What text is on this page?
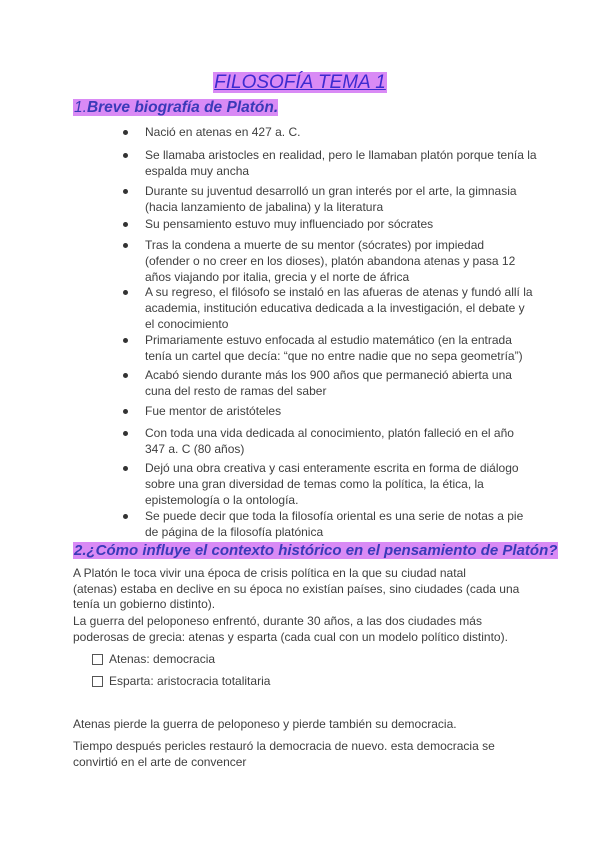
FILOSOFÍA TEMA 1
1.Breve biografía de Platón.
Nació en atenas en 427 a. C.
Se llamaba aristocles en realidad, pero le llamaban platón porque tenía la
espalda muy ancha
Durante su juventud desarrolló un gran interés por el arte, la gimnasia
(hacia lanzamiento de jabalina) y la literatura
Su pensamiento estuvo muy influenciado por sócrates
Tras la condena a muerte de su mentor (sócrates) por impiedad
(ofender o no creer en los dioses), platón abandona atenas y pasa 12
años viajando por italia, grecia y el norte de áfrica
A su regreso, el filósofo se instaló en las afueras de atenas y fundó allí la
academia, institución educativa dedicada a la investigación, el debate y
el conocimiento
Primariamente estuvo enfocada al estudio matemático (en la entrada
tenía un cartel que decía: “que no entre nadie que no sepa geometría”)
Acabó siendo durante más los 900 años que permaneció abierta una
cuna del resto de ramas del saber
Fue mentor de aristóteles
Con toda una vida dedicada al conocimiento, platón falleció en el año
347 a. C (80 años)
Dejó una obra creativa y casi enteramente escrita en forma de diálogo
sobre una gran diversidad de temas como la política, la ética, la
epistemología o la ontología.
Se puede decir que toda la filosofía oriental es una serie de notas a pie
de página de la filosofía platónica
2.¿Cómo influye el contexto histórico en el pensamiento de Platón?
A Platón le toca vivir una época de crisis política en la que su ciudad natal
(atenas) estaba en declive en su época no existían países, sino ciudades (cada una
tenía un gobierno distinto).
La guerra del peloponeso enfrentó, durante 30 años, a las dos ciudades más
poderosas de grecia: atenas y esparta (cada cual con un modelo político distinto).
Atenas: democracia
Esparta: aristocracia totalitaria
Atenas pierde la guerra de peloponeso y pierde también su democracia.
Tiempo después pericles restauró la democracia de nuevo. esta democracia se
convirtió en el arte de convencer
